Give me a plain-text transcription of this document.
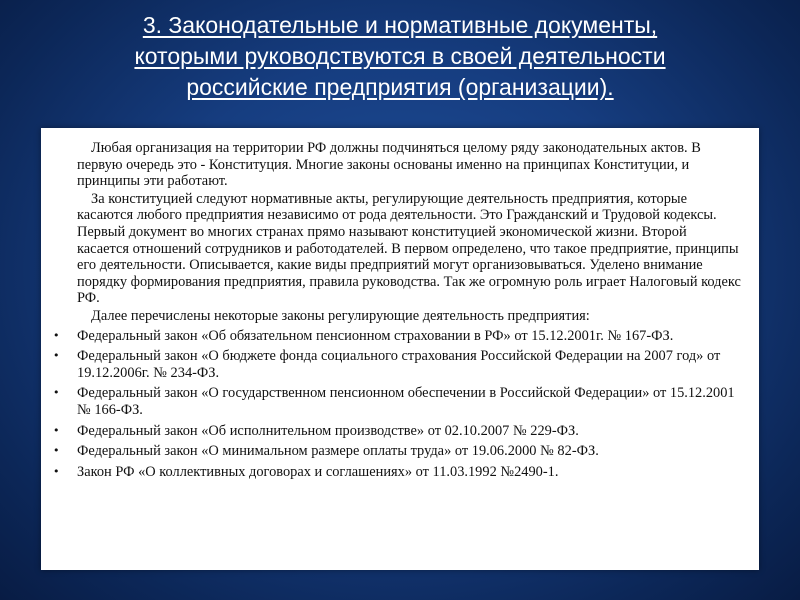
3. Законодательные и нормативные документы,
которыми руководствуются в своей деятельности
российские предприятия (организации).

Любая организация на территории РФ должны подчиняться целому ряду законодательных актов. В первую очередь это - Конституция. Многие законы основаны именно на принципах Конституции, и принципы эти работают.

За конституцией следуют нормативные акты, регулирующие деятельность предприятия, которые касаются любого предприятия независимо от рода деятельности. Это Гражданский и Трудовой кодексы. Первый документ во многих странах прямо называют конституцией экономической жизни. Второй касается отношений сотрудников и работодателей. В первом определено, что такое предприятие, принципы его деятельности. Описывается, какие виды предприятий могут организовываться. Уделено внимание порядку формирования предприятия, правила руководства. Так же огромную роль играет Налоговый кодекс РФ.

Далее перечислены некоторые законы регулирующие деятельность предприятия:

• Федеральный закон «Об обязательном пенсионном страховании в РФ» от 15.12.2001г. № 167-ФЗ.
• Федеральный закон «О бюджете фонда социального страхования Российской Федерации на 2007 год» от 19.12.2006г. № 234-ФЗ.
• Федеральный закон «О государственном пенсионном обеспечении в Российской Федерации» от 15.12.2001 № 166-ФЗ.
• Федеральный закон «Об исполнительном производстве» от 02.10.2007 № 229-ФЗ.
• Федеральный закон «О минимальном размере оплаты труда» от 19.06.2000 № 82-ФЗ.
• Закон РФ «О коллективных договорах и соглашениях» от 11.03.1992 №2490-1.
